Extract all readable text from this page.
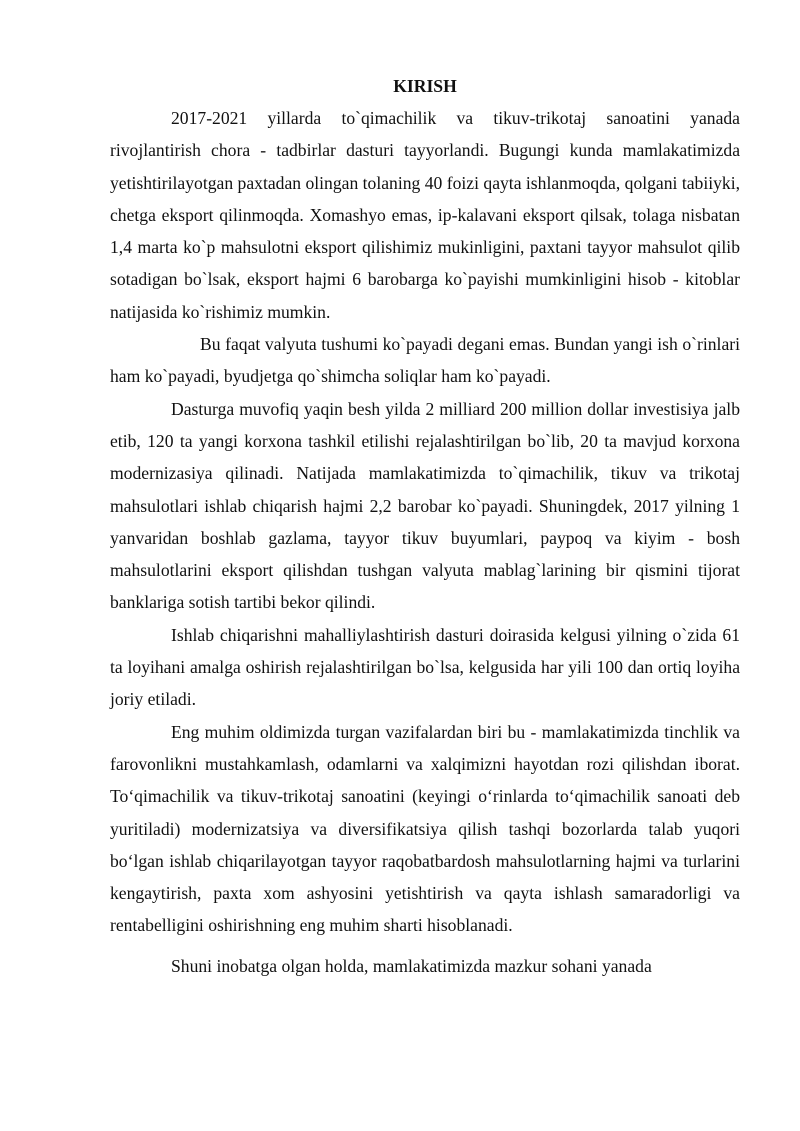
KIRISH

2017-2021 yillarda to`qimachilik va tikuv-trikotaj sanoatini yanada rivojlantirish chora - tadbirlar dasturi tayyorlandi. Bugungi kunda mamlakatimizda yetishtirilayotgan paxtadan olingan tolaning 40 foizi qayta ishlanmoqda, qolgani tabiiyki, chetga eksport qilinmoqda. Xomashyo emas, ip-kalavani eksport qilsak, tolaga nisbatan 1,4 marta ko`p mahsulotni eksport qilishimiz mukinligini, paxtani tayyor mahsulot qilib sotadigan bo`lsak, eksport hajmi 6 barobarga ko`payishi mumkinligini hisob - kitoblar natijasida ko`rishimiz mumkin.

Bu faqat valyuta tushumi ko`payadi degani emas. Bundan yangi ish o`rinlari ham ko`payadi, byudjetga qo`shimcha soliqlar ham ko`payadi.

Dasturga muvofiq yaqin besh yilda 2 milliard 200 million dollar investisiya jalb etib, 120 ta yangi korxona tashkil etilishi rejalashtirilgan bo`lib, 20 ta mavjud korxona modernizasiya qilinadi. Natijada mamlakatimizda to`qimachilik, tikuv va trikotaj mahsulotlari ishlab chiqarish hajmi 2,2 barobar ko`payadi. Shuningdek, 2017 yilning 1 yanvaridan boshlab gazlama, tayyor tikuv buyumlari, paypoq va kiyim - bosh mahsulotlarini eksport qilishdan tushgan valyuta mablag`larining bir qismini tijorat banklariga sotish tartibi bekor qilindi.

Ishlab chiqarishni mahalliylashtirish dasturi doirasida kelgusi yilning o`zida 61 ta loyihani amalga oshirish rejalashtirilgan bo`lsa, kelgusida har yili 100 dan ortiq loyiha joriy etiladi.

Eng muhim oldimizda turgan vazifalardan biri bu - mamlakatimizda tinchlik va farovonlikni mustahkamlash, odamlarni va xalqimizni hayotdan rozi qilishdan iborat. To‘qimachilik va tikuv-trikotaj sanoatini (keyingi o‘rinlarda to‘qimachilik sanoati deb yuritiladi) modernizatsiya va diversifikatsiya qilish tashqi bozorlarda talab yuqori bo‘lgan ishlab chiqarilayotgan tayyor raqobatbardosh mahsulotlarning hajmi va turlarini kengaytirish, paxta xom ashyosini yetishtirish va qayta ishlash samaradorligi va rentabelligini oshirishning eng muhim sharti hisoblanadi.

Shuni inobatga olgan holda, mamlakatimizda mazkur sohani yanada
